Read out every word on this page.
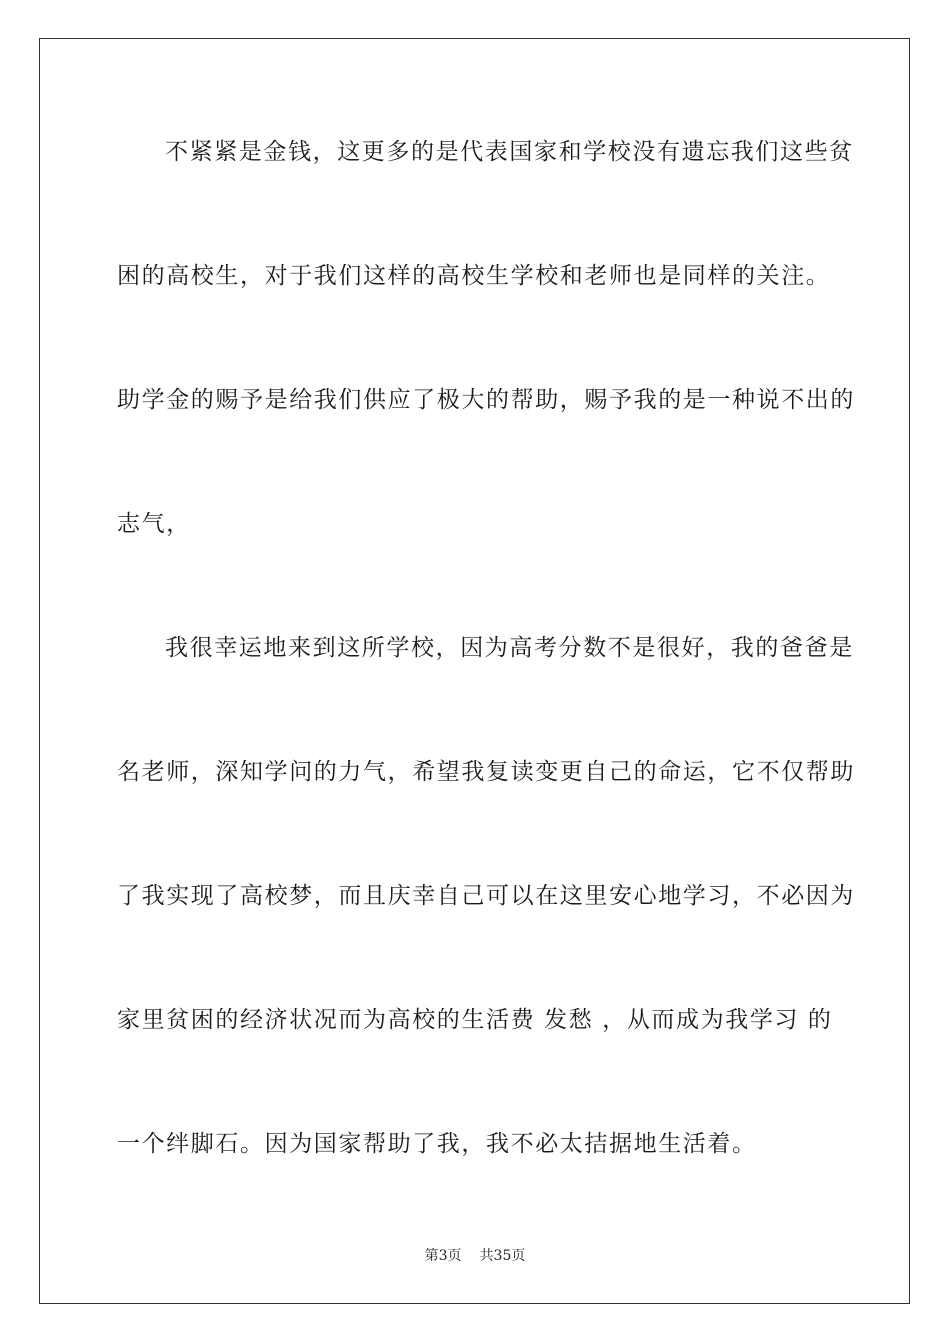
不紧紧是金钱，这更多的是代表国家和学校没有遗忘我们这些贫
困的高校生，对于我们这样的高校生学校和老师也是同样的关注。
助学金的赐予是给我们供应了极大的帮助，赐予我的是一种说不出的
志气，
我很幸运地来到这所学校，因为高考分数不是很好，我的爸爸是
名老师，深知学问的力气，希望我复读变更自己的命运，它不仅帮助
了我实现了高校梦，而且庆幸自己可以在这里安心地学习，不必因为
家里贫困的经济状况而为高校的生活费 发愁 ，从而成为我学习 的
一个绊脚石。因为国家帮助了我，我不必太拮据地生活着。
第3页 共35页
